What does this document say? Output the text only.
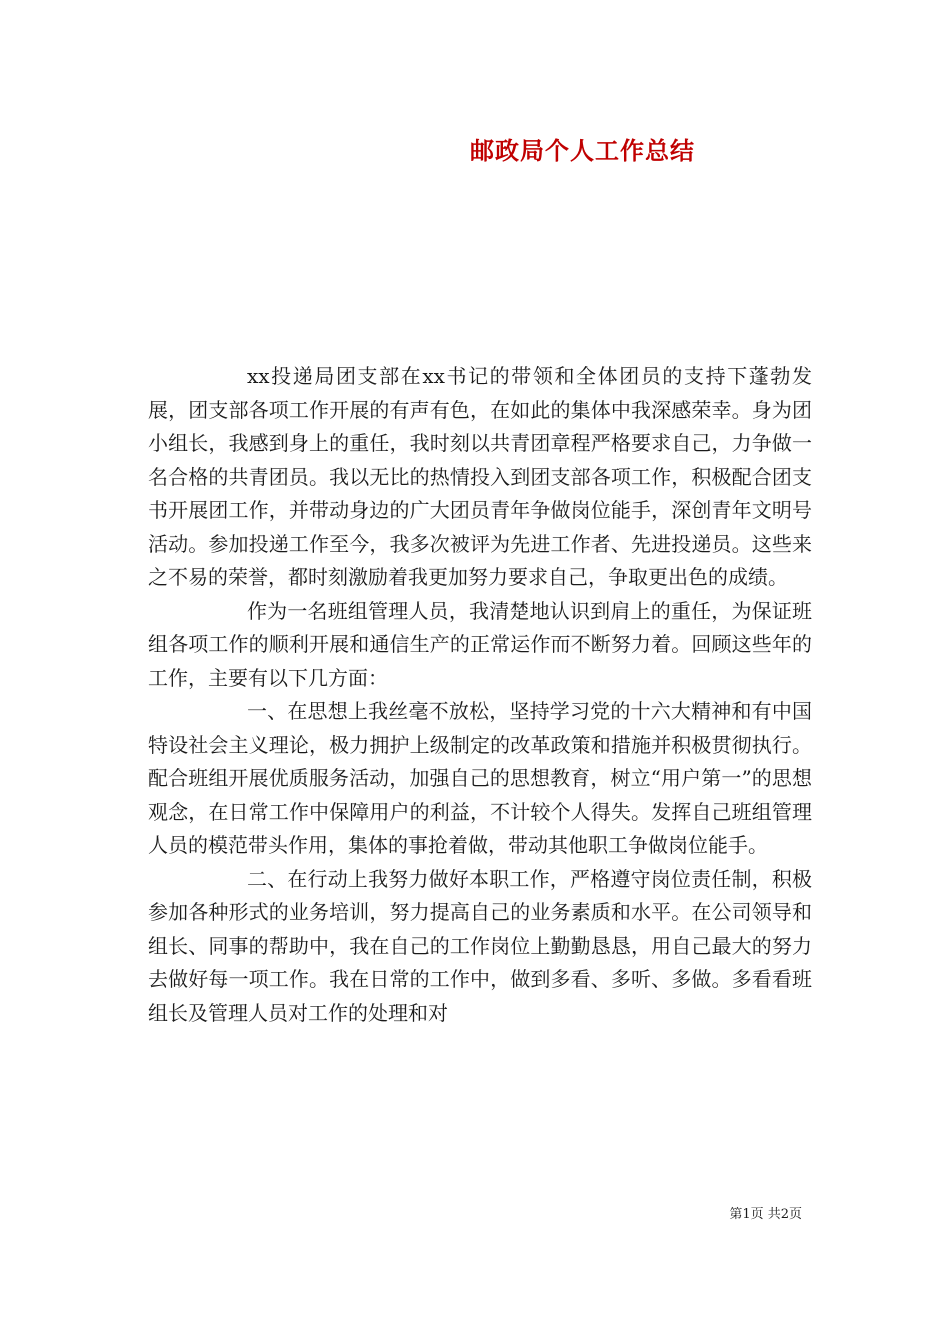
邮政局个人工作总结

xx投递局团支部在xx书记的带领和全体团员的支持下蓬勃发展，团支部各项工作开展的有声有色，在如此的集体中我深感荣幸。身为团小组长，我感到身上的重任，我时刻以共青团章程严格要求自己，力争做一名合格的共青团员。我以无比的热情投入到团支部各项工作，积极配合团支书开展团工作，并带动身边的广大团员青年争做岗位能手，深创青年文明号活动。参加投递工作至今，我多次被评为先进工作者、先进投递员。这些来之不易的荣誉，都时刻激励着我更加努力要求自己，争取更出色的成绩。

作为一名班组管理人员，我清楚地认识到肩上的重任，为保证班组各项工作的顺利开展和通信生产的正常运作而不断努力着。回顾这些年的工作，主要有以下几方面：

一、在思想上我丝毫不放松，坚持学习党的十六大精神和有中国特设社会主义理论，极力拥护上级制定的改革政策和措施并积极贯彻执行。配合班组开展优质服务活动，加强自己的思想教育，树立“用户第一”的思想观念，在日常工作中保障用户的利益，不计较个人得失。发挥自己班组管理人员的模范带头作用，集体的事抢着做，带动其他职工争做岗位能手。

二、在行动上我努力做好本职工作，严格遵守岗位责任制，积极参加各种形式的业务培训，努力提高自己的业务素质和水平。在公司领导和组长、同事的帮助中，我在自己的工作岗位上勤勤恳恳，用自己最大的努力去做好每一项工作。我在日常的工作中，做到多看、多听、多做。多看看班组长及管理人员对工作的处理和对

第1页 共2页
